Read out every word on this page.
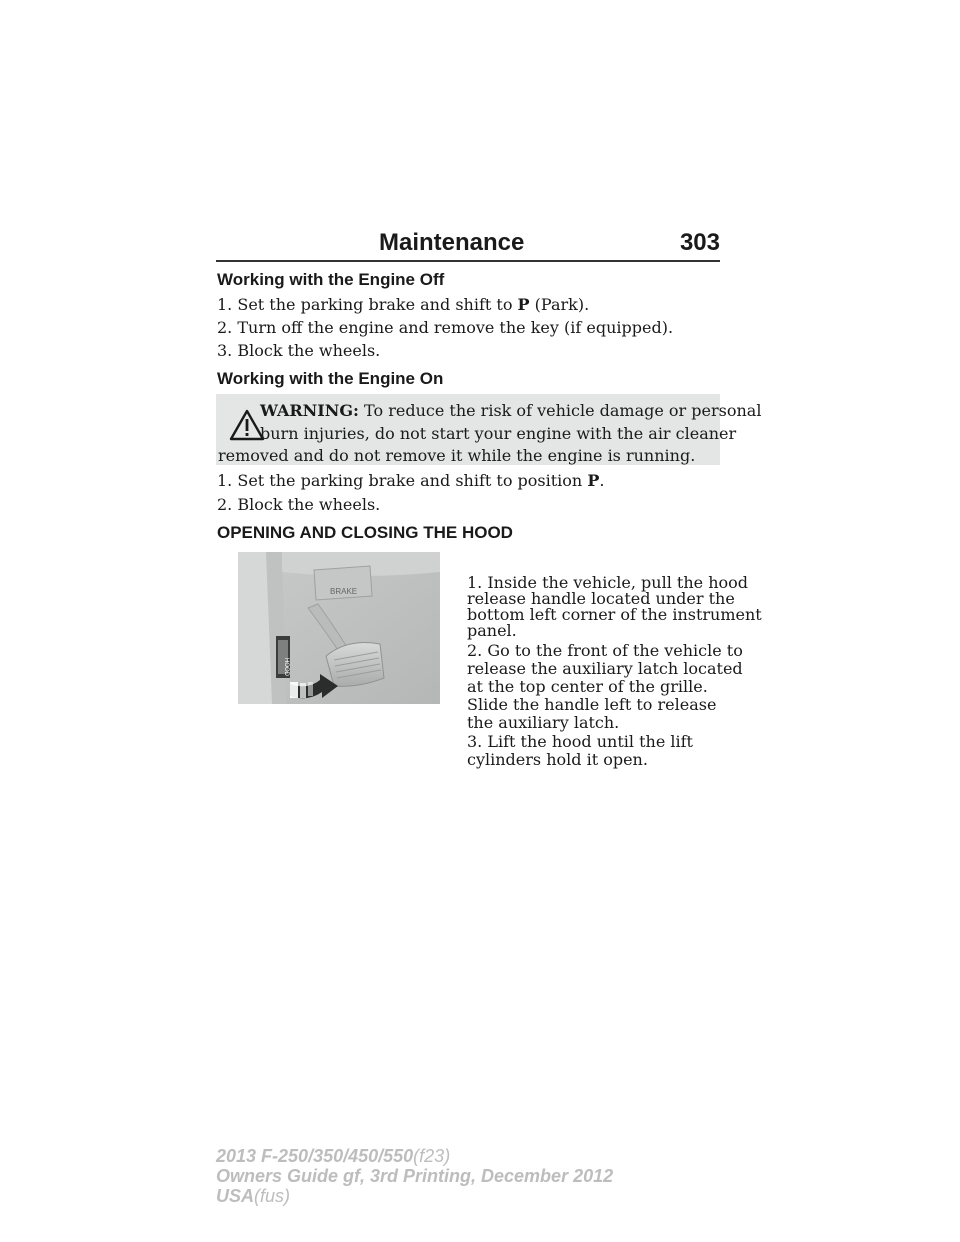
Maintenance	303
Working with the Engine Off
1. Set the parking brake and shift to P (Park).
2. Turn off the engine and remove the key (if equipped).
3. Block the wheels.
Working with the Engine On
WARNING: To reduce the risk of vehicle damage or personal
burn injuries, do not start your engine with the air cleaner
removed and do not remove it while the engine is running.
1. Set the parking brake and shift to position P.
2. Block the wheels.
OPENING AND CLOSING THE HOOD
BRAKE
HOOD
1. Inside the vehicle, pull the hood
release handle located under the
bottom left corner of the instrument
panel.
2. Go to the front of the vehicle to
release the auxiliary latch located
at the top center of the grille.
Slide the handle left to release
the auxiliary latch.
3. Lift the hood until the lift
cylinders hold it open.
2013 F-250/350/450/550(f23)
Owners Guide gf, 3rd Printing, December 2012
USA(fus)
